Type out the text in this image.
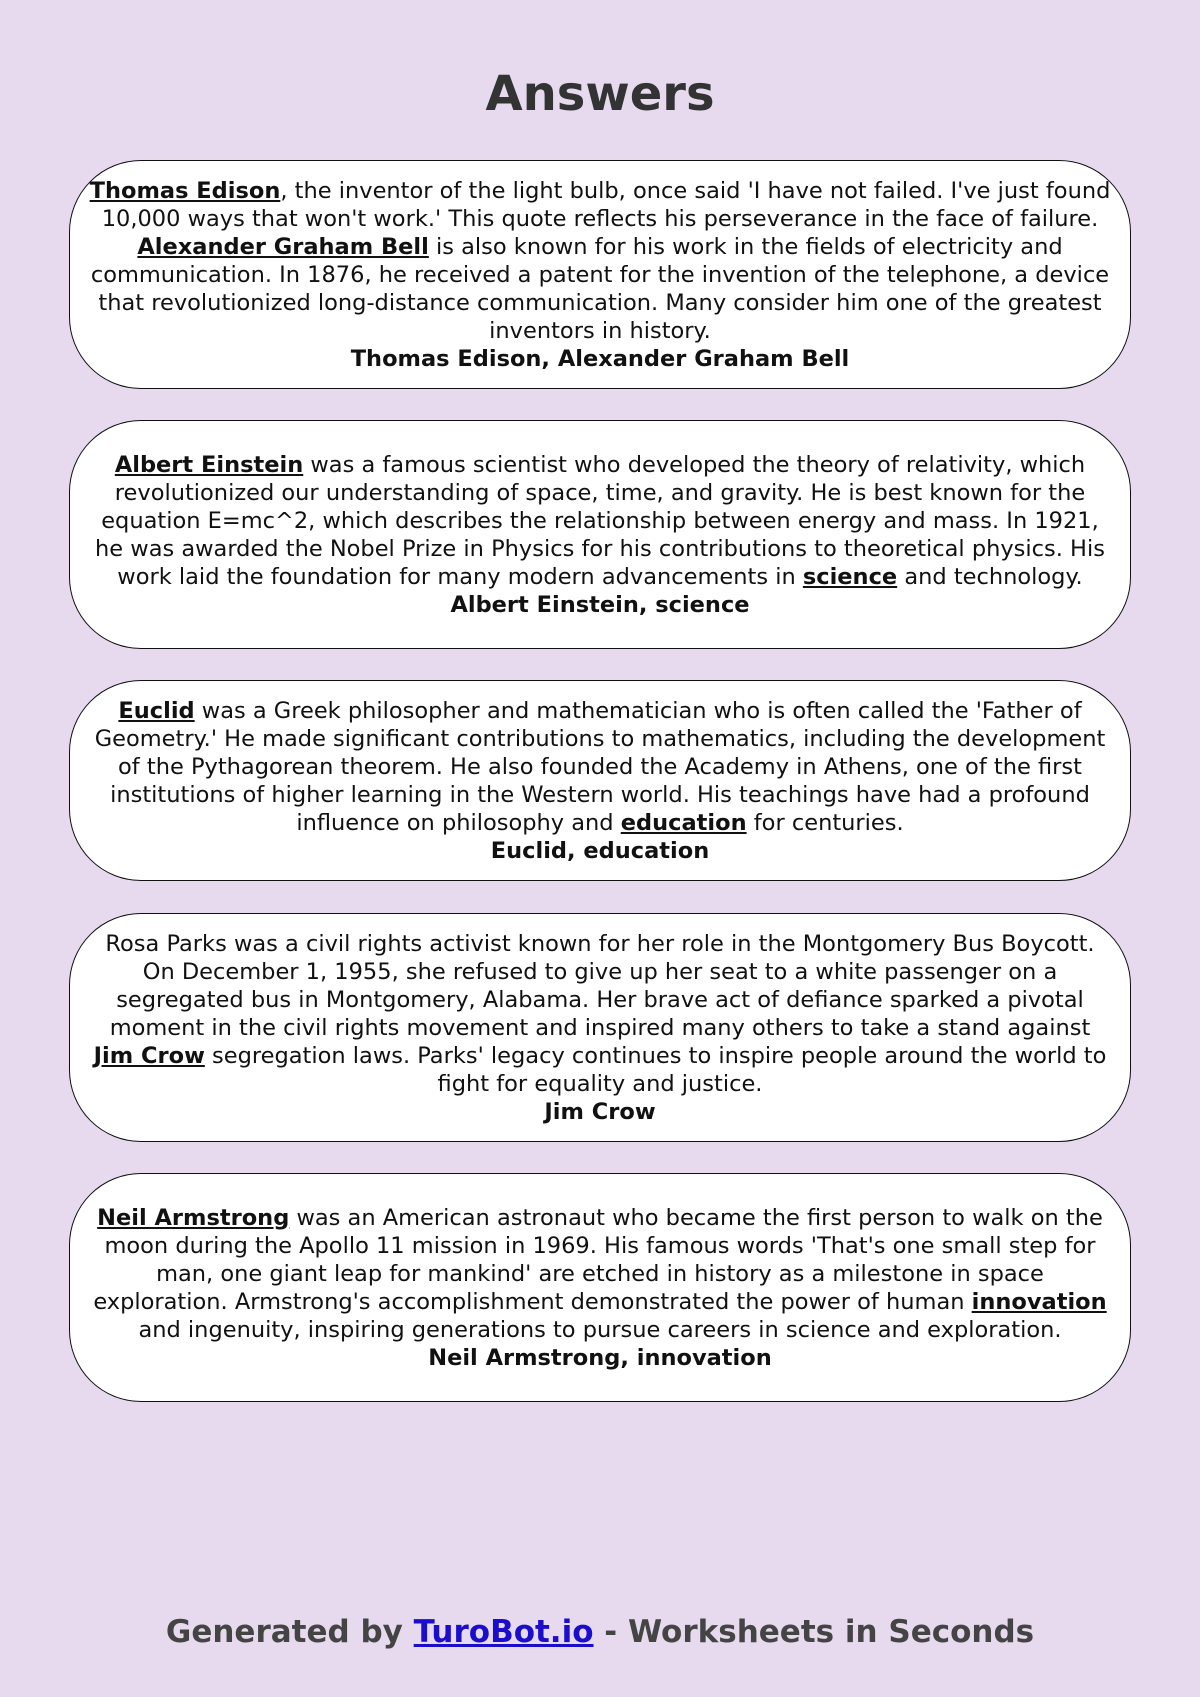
Answers

Thomas Edison, the inventor of the light bulb, once said 'I have not failed. I've just found 10,000 ways that won't work.' This quote reflects his perseverance in the face of failure. Alexander Graham Bell is also known for his work in the fields of electricity and communication. In 1876, he received a patent for the invention of the telephone, a device that revolutionized long-distance communication. Many consider him one of the greatest inventors in history.

Thomas Edison, Alexander Graham Bell

Albert Einstein was a famous scientist who developed the theory of relativity, which revolutionized our understanding of space, time, and gravity. He is best known for the equation E=mc^2, which describes the relationship between energy and mass. In 1921, he was awarded the Nobel Prize in Physics for his contributions to theoretical physics. His work laid the foundation for many modern advancements in science and technology.

Albert Einstein, science

Euclid was a Greek philosopher and mathematician who is often called the 'Father of Geometry.' He made significant contributions to mathematics, including the development of the Pythagorean theorem. He also founded the Academy in Athens, one of the first institutions of higher learning in the Western world. His teachings have had a profound influence on philosophy and education for centuries.

Euclid, education

Rosa Parks was a civil rights activist known for her role in the Montgomery Bus Boycott. On December 1, 1955, she refused to give up her seat to a white passenger on a segregated bus in Montgomery, Alabama. Her brave act of defiance sparked a pivotal moment in the civil rights movement and inspired many others to take a stand against Jim Crow segregation laws. Parks' legacy continues to inspire people around the world to fight for equality and justice.

Jim Crow

Neil Armstrong was an American astronaut who became the first person to walk on the moon during the Apollo 11 mission in 1969. His famous words 'That's one small step for man, one giant leap for mankind' are etched in history as a milestone in space exploration. Armstrong's accomplishment demonstrated the power of human innovation and ingenuity, inspiring generations to pursue careers in science and exploration.

Neil Armstrong, innovation

Generated by TuroBot.io - Worksheets in Seconds
